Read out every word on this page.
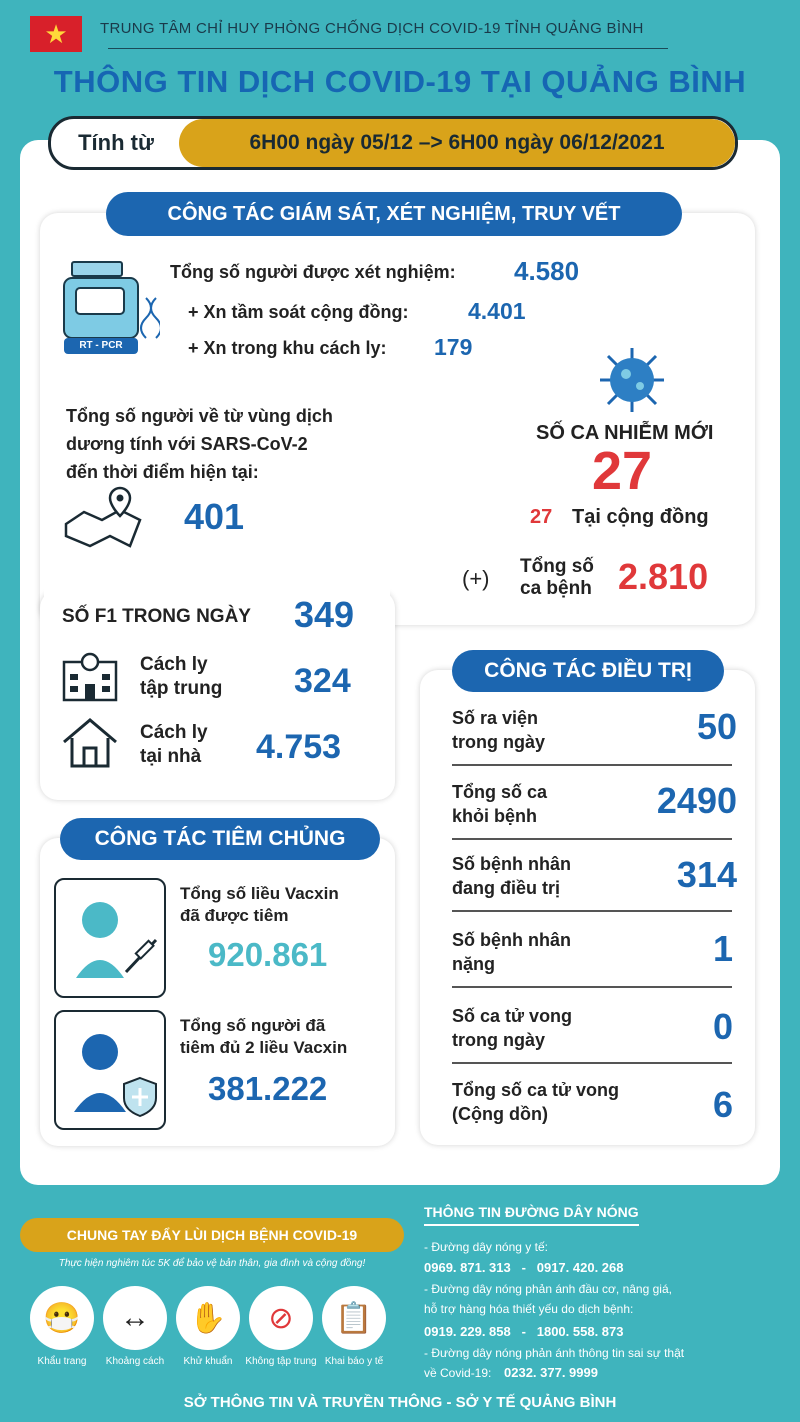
★	TRUNG TÂM CHỈ HUY PHÒNG CHỐNG DỊCH COVID-19 TỈNH QUẢNG BÌNH
THÔNG TIN DỊCH COVID-19 TẠI QUẢNG BÌNH
Tính từ	6H00 ngày 05/12 –> 6H00 ngày 06/12/2021
CÔNG TÁC GIÁM SÁT, XÉT NGHIỆM, TRUY VẾT
RT - PCR
Tổng số người được xét nghiệm: 4.580
+ Xn tầm soát cộng đồng:	4.401
+ Xn trong khu cách ly: 179
Tổng số người về từ vùng dịch
dương tính với SARS-CoV-2
đến thời điểm hiện tại:
401
SỐ CA NHIỄM MỚI
27
27 Tại cộng đồng
(+) Tổng số
ca bệnh 2.810
SỐ F1 TRONG NGÀY 349
Cách ly
tập trung 324
Cách ly
tại nhà 4.753
CÔNG TÁC TIÊM CHỦNG
Tổng số liều Vacxin
đã được tiêm
920.861
Tổng số người đã
tiêm đủ 2 liều Vacxin
381.222
CÔNG TÁC ĐIỀU TRỊ
Số ra viện
trong ngày	50
Tổng số ca
khỏi bệnh	2490
Số bệnh nhân
đang điều trị	314
Số bệnh nhân
nặng	1
Số ca tử vong
trong ngày	0
Tổng số ca tử vong
(Cộng dồn)	6
CHUNG TAY ĐẨY LÙI DỊCH BỆNH COVID-19
Thực hiện nghiêm túc 5K để bảo vệ bản thân, gia đình và cộng đồng!
😷	↔	✋	⊘	📋
Khẩu trang	Khoảng cách	Khử khuẩn	Không tập trung Khai báo y tế
THÔNG TIN ĐƯỜNG DÂY NÓNG
- Đường dây nóng y tế:
0969. 871. 313   -   0917. 420. 268
- Đường dây nóng phản ánh đầu cơ, nâng giá,
hỗ trợ hàng hóa thiết yếu do dịch bệnh:
0919. 229. 858   -   1800. 558. 873
- Đường dây nóng phản ánh thông tin sai sự thật
về Covid-19: 0232. 377. 9999
SỞ THÔNG TIN VÀ TRUYỀN THÔNG - SỞ Y TẾ QUẢNG BÌNH
